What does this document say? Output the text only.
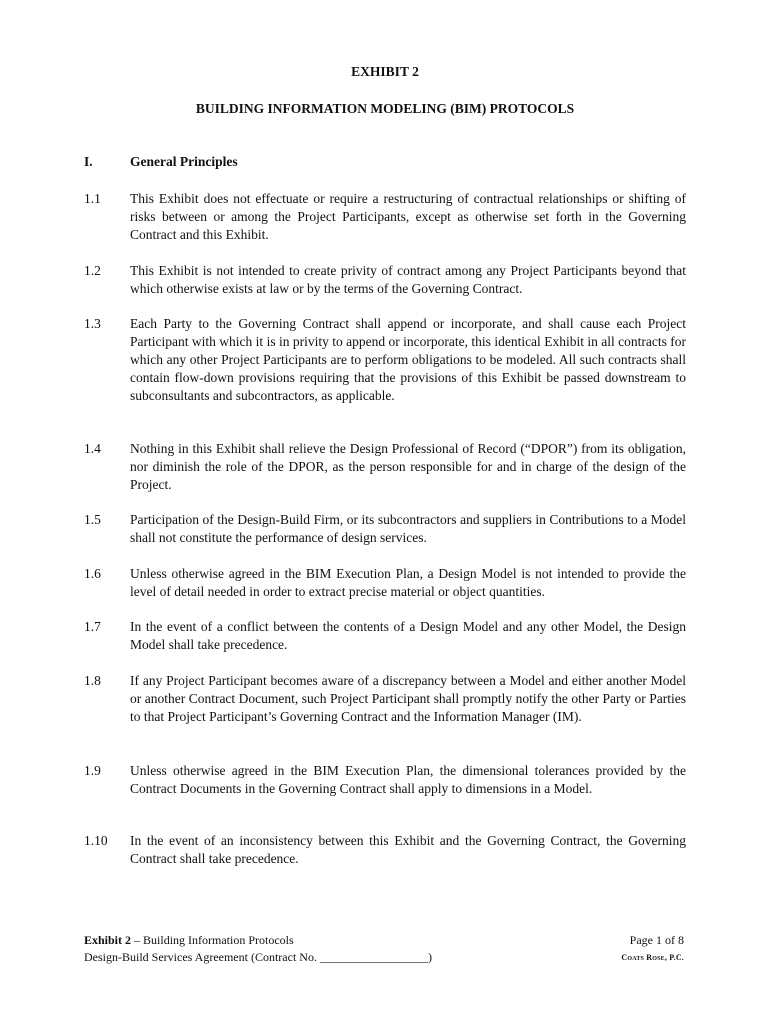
EXHIBIT 2
BUILDING INFORMATION MODELING (BIM) PROTOCOLS
I.	General Principles
1.1 This Exhibit does not effectuate or require a restructuring of contractual relationships or shifting of risks between or among the Project Participants, except as otherwise set forth in the Governing Contract and this Exhibit.
1.2 This Exhibit is not intended to create privity of contract among any Project Participants beyond that which otherwise exists at law or by the terms of the Governing Contract.
1.3 Each Party to the Governing Contract shall append or incorporate, and shall cause each Project Participant with which it is in privity to append or incorporate, this identical Exhibit in all contracts for which any other Project Participants are to perform obligations to be modeled. All such contracts shall contain flow-down provisions requiring that the provisions of this Exhibit be passed downstream to subconsultants and subcontractors, as applicable.
1.4 Nothing in this Exhibit shall relieve the Design Professional of Record (“DPOR”) from its obligation, nor diminish the role of the DPOR, as the person responsible for and in charge of the design of the Project.
1.5 Participation of the Design-Build Firm, or its subcontractors and suppliers in Contributions to a Model shall not constitute the performance of design services.
1.6 Unless otherwise agreed in the BIM Execution Plan, a Design Model is not intended to provide the level of detail needed in order to extract precise material or object quantities.
1.7 In the event of a conflict between the contents of a Design Model and any other Model, the Design Model shall take precedence.
1.8 If any Project Participant becomes aware of a discrepancy between a Model and either another Model or another Contract Document, such Project Participant shall promptly notify the other Party or Parties to that Project Participant’s Governing Contract and the Information Manager (IM).
1.9 Unless otherwise agreed in the BIM Execution Plan, the dimensional tolerances provided by the Contract Documents in the Governing Contract shall apply to dimensions in a Model.
1.10 In the event of an inconsistency between this Exhibit and the Governing Contract, the Governing Contract shall take precedence.
Exhibit 2 – Building Information Protocols
Design-Build Services Agreement (Contract No. __________________)
Page 1 of 8
Coats Rose, P.C.
